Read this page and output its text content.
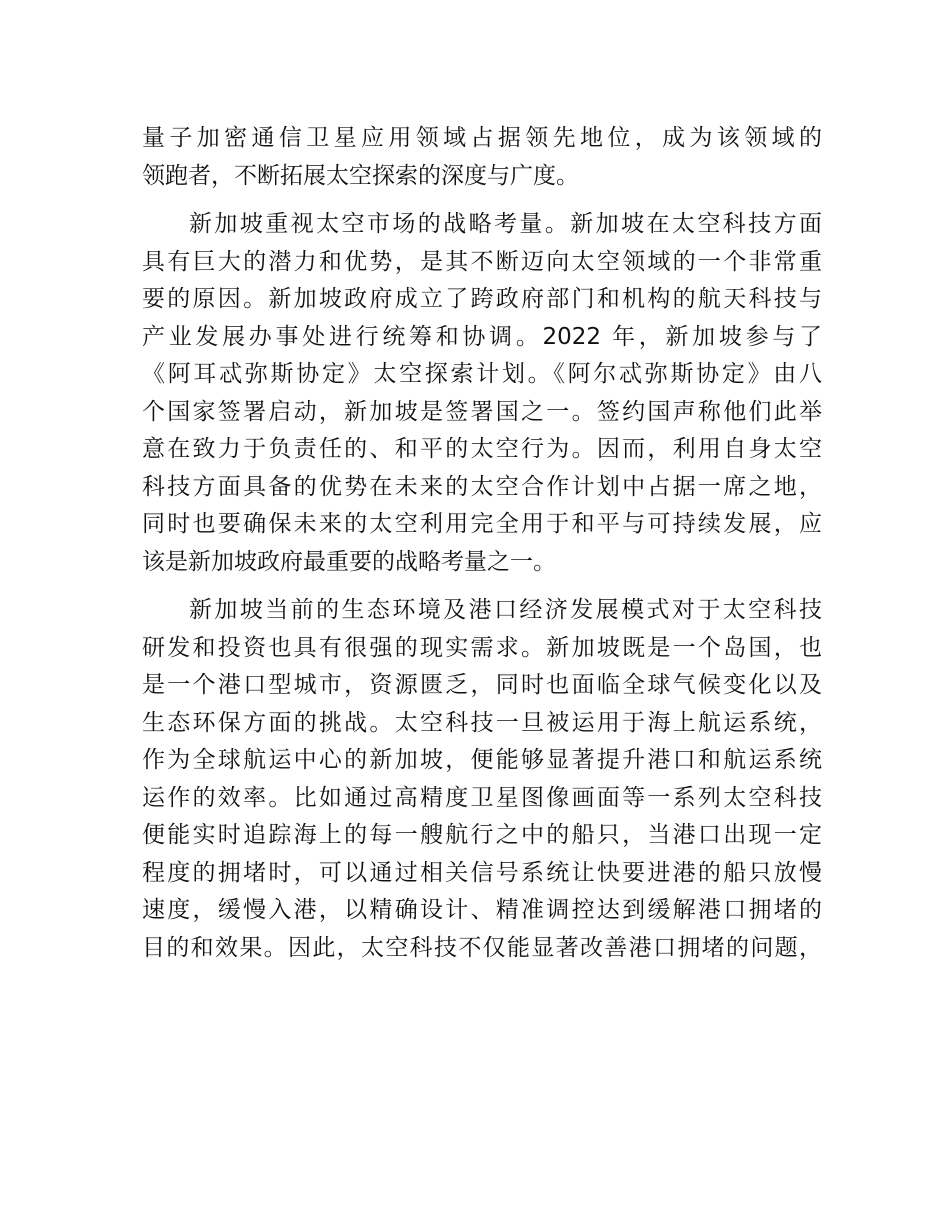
量子加密通信卫星应用领域占据领先地位，成为该领域的
领跑者，不断拓展太空探索的深度与广度。

新加坡重视太空市场的战略考量。新加坡在太空科技方面
具有巨大的潜力和优势，是其不断迈向太空领域的一个非常重
要的原因。新加坡政府成立了跨政府部门和机构的航天科技与
产业发展办事处进行统筹和协调。2022 年，新加坡参与了
《阿耳忒弥斯协定》太空探索计划。《阿尔忒弥斯协定》由八
个国家签署启动，新加坡是签署国之一。签约国声称他们此举
意在致力于负责任的、和平的太空行为。因而，利用自身太空
科技方面具备的优势在未来的太空合作计划中占据一席之地，
同时也要确保未来的太空利用完全用于和平与可持续发展，应
该是新加坡政府最重要的战略考量之一。

新加坡当前的生态环境及港口经济发展模式对于太空科技
研发和投资也具有很强的现实需求。新加坡既是一个岛国，也
是一个港口型城市，资源匮乏，同时也面临全球气候变化以及
生态环保方面的挑战。太空科技一旦被运用于海上航运系统，
作为全球航运中心的新加坡，便能够显著提升港口和航运系统
运作的效率。比如通过高精度卫星图像画面等一系列太空科技
便能实时追踪海上的每一艘航行之中的船只，当港口出现一定
程度的拥堵时，可以通过相关信号系统让快要进港的船只放慢
速度，缓慢入港，以精确设计、精准调控达到缓解港口拥堵的
目的和效果。因此，太空科技不仅能显著改善港口拥堵的问题，
